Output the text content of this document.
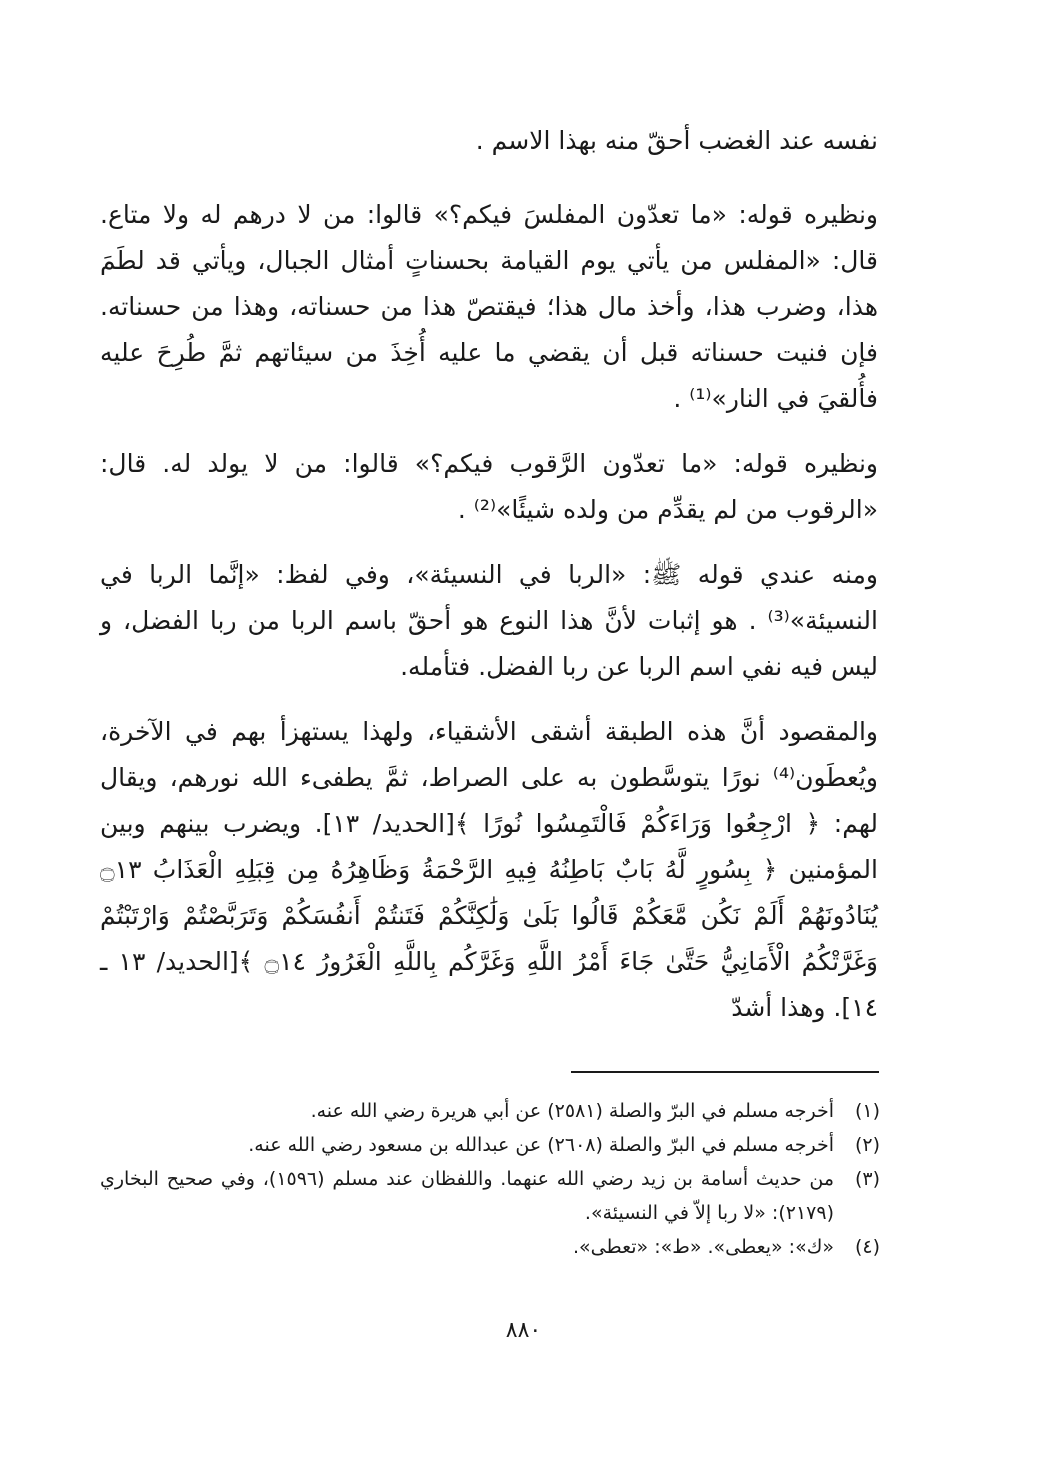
نفسه عند الغضب أحقّ منه بهذا الاسم .

ونظيره قوله: «ما تعدّون المفلسَ فيكم؟» قالوا: من لا درهم له ولا متاع. قال: «المفلس من يأتي يوم القيامة بحسناتٍ أمثال الجبال، ويأتي قد لطَمَ هذا، وضرب هذا، وأخذ مال هذا؛ فيقتصّ هذا من حسناته، وهذا من حسناته. فإن فنيت حسناته قبل أن يقضي ما عليه أُخِذَ من سيئاتهم ثمَّ طُرِحَ عليه فأُلقيَ في النار»⁽¹⁾ .

ونظيره قوله: «ما تعدّون الرَّقوب فيكم؟» قالوا: من لا يولد له. قال: «الرقوب من لم يقدِّم من ولده شيئًا»⁽²⁾ .

ومنه عندي قوله ﷺ: «الربا في النسيئة»، وفي لفظ: «إنَّما الربا في النسيئة»⁽³⁾ . هو إثبات لأنَّ هذا النوع هو أحقّ باسم الربا من ربا الفضل، و ليس فيه نفي اسم الربا عن ربا الفضل. فتأمله.

والمقصود أنَّ هذه الطبقة أشقى الأشقياء، ولهذا يستهزأ بهم في الآخرة، ويُعطَون⁽⁴⁾ نورًا يتوسَّطون به على الصراط، ثمَّ يطفىء الله نورهم، ويقال لهم: ﴿ ارْجِعُوا وَرَاءَكُمْ فَالْتَمِسُوا نُورًا ﴾[الحديد/ ١٣]. ويضرب بينهم وبين المؤمنين ﴿ بِسُورٍ لَّهُ بَابٌ بَاطِنُهُ فِيهِ الرَّحْمَةُ وَظَاهِرُهُ مِن قِبَلِهِ الْعَذَابُ ۝١٣ يُنَادُونَهُمْ أَلَمْ نَكُن مَّعَكُمْ قَالُوا بَلَىٰ وَلَٰكِنَّكُمْ فَتَنتُمْ أَنفُسَكُمْ وَتَرَبَّصْتُمْ وَارْتَبْتُمْ وَغَرَّتْكُمُ الْأَمَانِيُّ حَتَّىٰ جَاءَ أَمْرُ اللَّهِ وَغَرَّكُم بِاللَّهِ الْغَرُورُ ۝١٤ ﴾[الحديد/ ١٣ ـ ١٤]. وهذا أشدّ

(١)
أخرجه مسلم في البرّ والصلة (٢٥٨١) عن أبي هريرة رضي الله عنه.
(٢)
أخرجه مسلم في البرّ والصلة (٢٦٠٨) عن عبدالله بن مسعود رضي الله عنه.
(٣)
من حديث أسامة بن زيد رضي الله عنهما. واللفظان عند مسلم (١٥٩٦)، وفي صحيح البخاري (٢١٧٩): «لا ربا إلاّ في النسيئة».
(٤)
«ك»: «يعطى». «ط»: «تعطى».
٨٨٠
